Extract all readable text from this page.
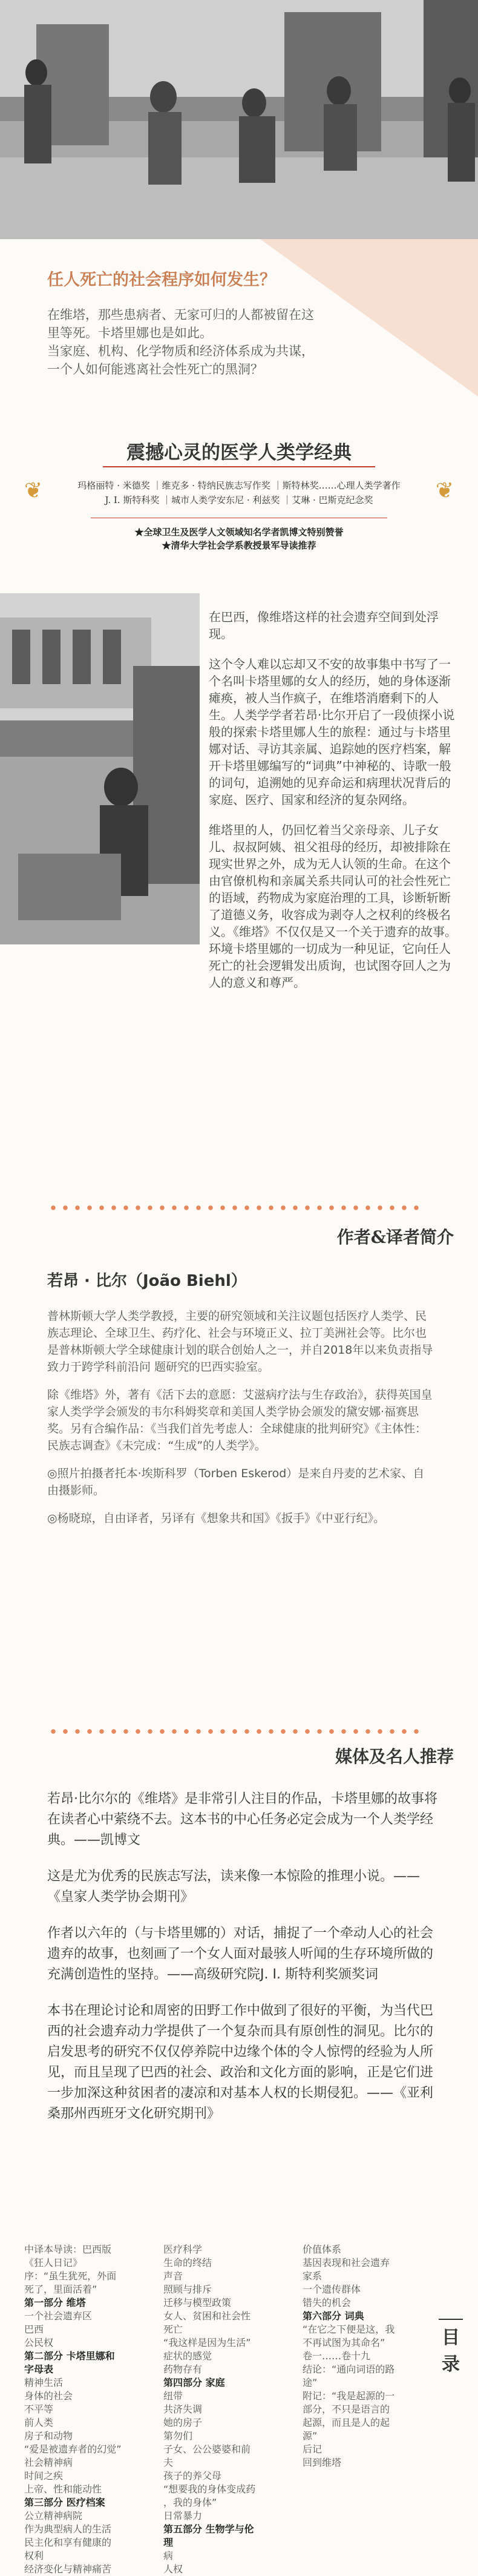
任人死亡的社会程序如何发生？

在维塔，那些患病者、无家可归的人都被留在这

里等死。卡塔里娜也是如此。

当家庭、机构、化学物质和经济体系成为共谋，

一个人如何能逃离社会性死亡的黑洞？

震撼心灵的医学人类学经典
❦	❦
玛格丽特 · 米德奖 ｜维克多 · 特纳民族志写作奖 ｜斯特林奖……心理人类学著作
J. I. 斯特科奖 ｜城市人类学安东尼 · 利兹奖 ｜艾琳 · 巴斯克纪念奖
★全球卫生及医学人文领域知名学者凯博文特别赞誉
★清华大学社会学系教授景军导读推荐

在巴西，像维塔这样的社会遗弃空间到处浮现。

这个令人难以忘却又不安的故事集中书写了一个名叫卡塔里娜的女人的经历，她的身体逐渐瘫痪，被人当作疯子，在维塔消磨剩下的人生。人类学学者若昂·比尔开启了一段侦探小说般的探索卡塔里娜人生的旅程：通过与卡塔里娜对话、寻访其亲属、追踪她的医疗档案，解开卡塔里娜编写的“词典”中神秘的、诗歌一般的词句，追溯她的见弃命运和病理状况背后的家庭、医疗、国家和经济的复杂网络。

维塔里的人，仍回忆着当父亲母亲、儿子女儿、叔叔阿姨、祖父祖母的经历，却被排除在现实世界之外，成为无人认领的生命。在这个由官僚机构和亲属关系共同认可的社会性死亡的语域，药物成为家庭治理的工具，诊断斩断了道德义务，收容成为剥夺人之权利的终极名义。《维塔》不仅仅是又一个关于遗弃的故事。环境卡塔里娜的一切成为一种见证，它向任人死亡的社会逻辑发出质询，也试图夺回人之为人的意义和尊严。

作者&译者简介
若昂 · 比尔（João Biehl）

普林斯顿大学人类学教授，主要的研究领域和关注议题包括医疗人类学、民族志理论、全球卫生、药疗化、社会与环境正义、拉丁美洲社会等。比尔也是普林斯顿大学全球健康计划的联合创始人之一，并自2018年以来负责指导致力于跨学科前沿问 题研究的巴西实验室。

除《维塔》外，著有《活下去的意愿：艾滋病疗法与生存政治》，获得英国皇家人类学学会颁发的韦尔科姆奖章和美国人类学协会颁发的黛安娜·福赛思奖。另有合编作品：《当我们首先考虑人：全球健康的批判研究》《主体性：民族志调查》《未完成：“生成”的人类学》。

◎照片拍摄者托本·埃斯科罗（Torben Eskerod）是来自丹麦的艺术家、自由摄影师。

◎杨晓琼，自由译者，另译有《想象共和国》《扳手》《中亚行纪》。

媒体及名人推荐

若昂·比尔尔的《维塔》是非常引人注目的作品，卡塔里娜的故事将在读者心中萦绕不去。这本书的中心任务必定会成为一个人类学经典。——凯博文

这是尤为优秀的民族志写法，读来像一本惊险的推理小说。——《皇家人类学协会期刊》

作者以六年的（与卡塔里娜的）对话，捕捉了一个牵动人心的社会遗弃的故事，也刻画了一个女人面对最骇人听闻的生存环境所做的充满创造性的坚持。——高级研究院J. I. 斯特利奖颁奖词

本书在理论讨论和周密的田野工作中做到了很好的平衡，为当代巴西的社会遗弃动力学提供了一个复杂而具有原创性的洞见。比尔的启发思考的研究不仅仅停养院中边缘个体的令人惊愕的经验为人所见，而且呈现了巴西的社会、政治和文化方面的影响，正是它们进一步加深这种贫困者的凄凉和对基本人权的长期侵犯。——《亚利桑那州西班牙文化研究期刊》

中译本导读：巴西版
《狂人日记》
序：“虽生犹死，外面
死了，里面活着”
第一部分 维塔
一个社会遗弃区
巴西
公民权
第二部分 卡塔里娜和
字母表
精神生活
身体的社会
不平等
前人类
房子和动物
“爱是被遗弃者的幻觉”
社会精神病
时间之疾
上帝、性和能动性
第三部分 医疗档案
公立精神病院
作为典型病人的生活
民主化和享有健康的
权利
经济变化与精神痛苦
医疗科学
生命的终结
声音
照顾与排斥
迁移与模型政策
女人、贫困和社会性
死亡
“我这样是因为生活”
症状的感觉
药物存有
第四部分 家庭
纽带
共济失调
她的房子
第勿们
子女、公公婆婆和前
夫
孩子的养父母
“想要我的身体变成药
，我的身体”
日常暴力
第五部分 生物学与伦
理
病
人权
价值体系
基因表现和社会遗弃
家系
一个遗传群体
错失的机会
第六部分 词典
“在它之下便是这，我
不再试图为其命名”
卷一……卷十九
结论：“通向词语的路
途”
附记：“我是起源的一
部分，不只是语言的
起源，而且是人的起
源”
后记
回到维塔
目录
